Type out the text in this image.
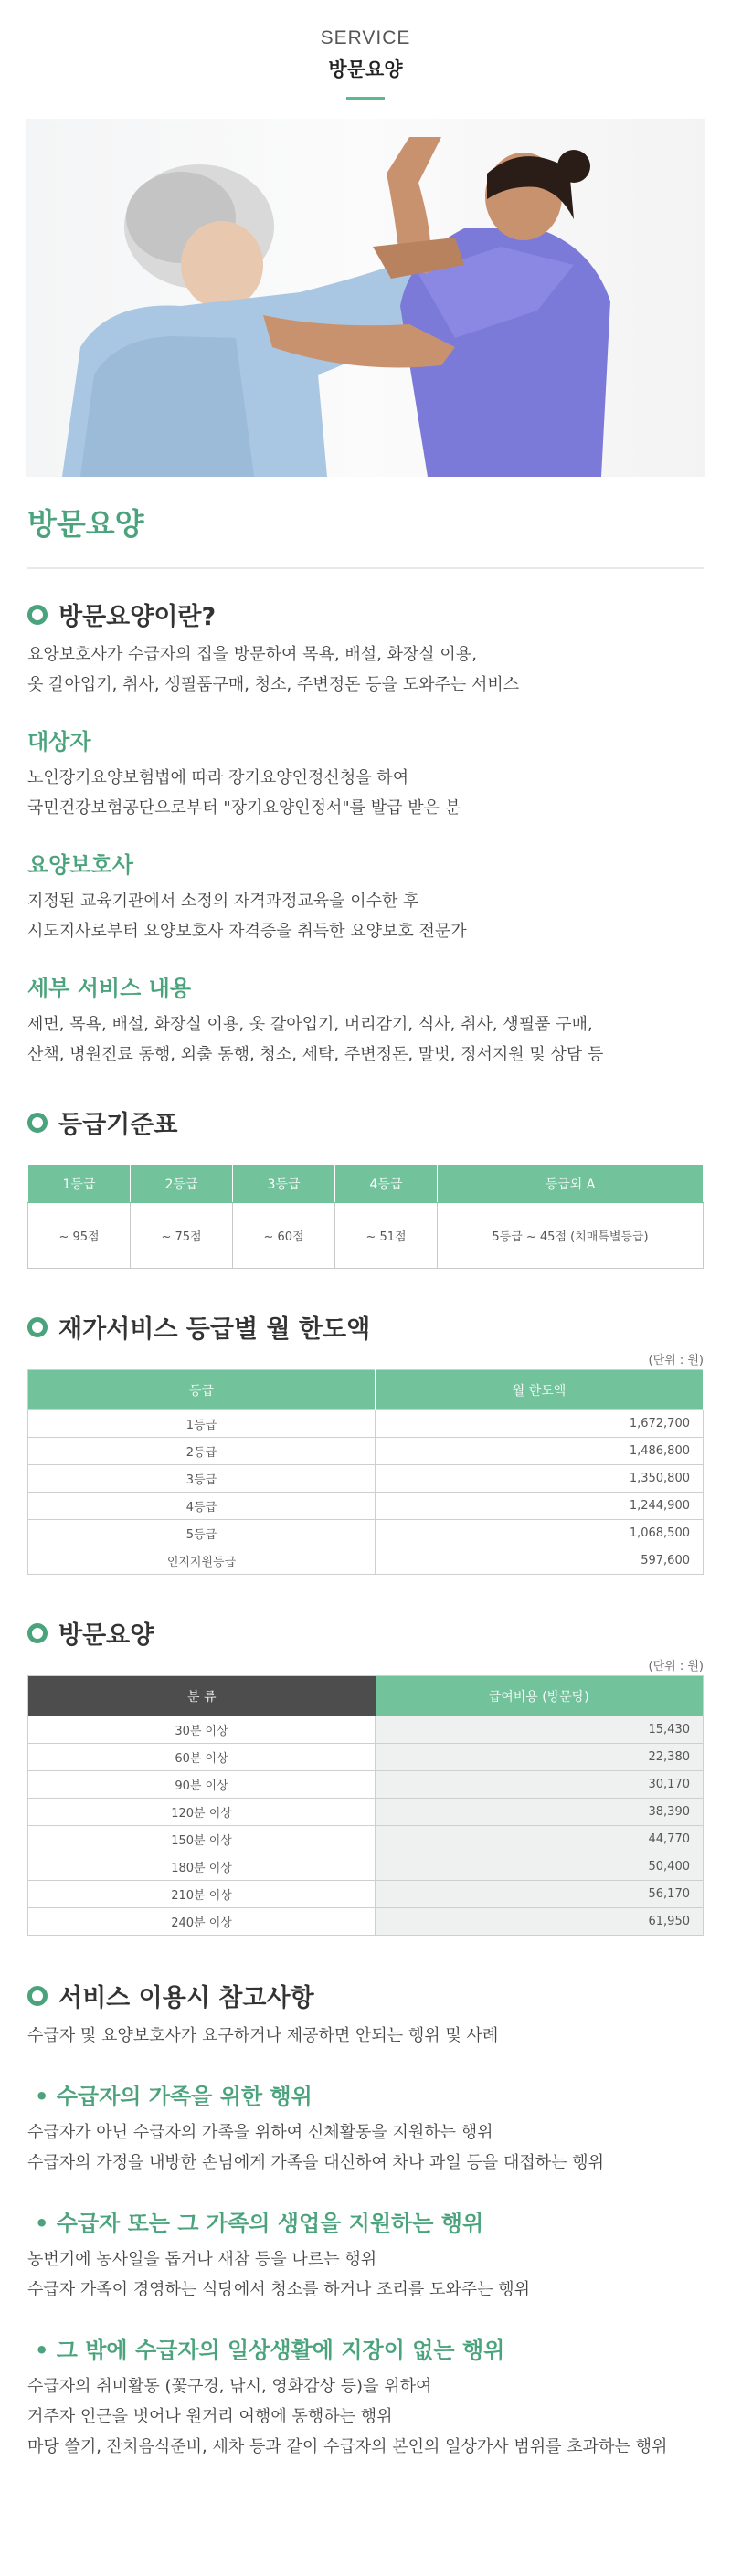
SERVICE
방문요양
방문요양
방문요양이란?
요양보호사가 수급자의 집을 방문하여 목욕, 배설, 화장실 이용,
옷 갈아입기, 취사, 생필품구매, 청소, 주변정돈 등을 도와주는 서비스
대상자
노인장기요양보험법에 따라 장기요양인정신청을 하여
국민건강보험공단으로부터 "장기요양인정서"를 발급 받은 분
요양보호사
지정된 교육기관에서 소정의 자격과정교육을 이수한 후
시도지사로부터 요양보호사 자격증을 취득한 요양보호 전문가
세부 서비스 내용
세면, 목욕, 배설, 화장실 이용, 옷 갈아입기, 머리감기, 식사, 취사, 생필품 구매,
산책, 병원진료 동행, 외출 동행, 청소, 세탁, 주변정돈, 말벗, 정서지원 및 상담 등
등급기준표
1등급	2등급	3등급	4등급	등급외 A
~ 95점	~ 75점	~ 60점	~ 51점	5등급 ~ 45점 (치매특별등급)
재가서비스 등급별 월 한도액
(단위 : 원)
등급	월 한도액
1등급	1,672,700
2등급	1,486,800
3등급	1,350,800
4등급	1,244,900
5등급	1,068,500
인지지원등급	597,600
방문요양
(단위 : 원)
분 류	급여비용 (방문당)
30분 이상	15,430
60분 이상	22,380
90분 이상	30,170
120분 이상	38,390
150분 이상	44,770
180분 이상	50,400
210분 이상	56,170
240분 이상	61,950
서비스 이용시 참고사항
수급자 및 요양보호사가 요구하거나 제공하면 안되는 행위 및 사례
• 수급자의 가족을 위한 행위
수급자가 아닌 수급자의 가족을 위하여 신체활동을 지원하는 행위
수급자의 가정을 내방한 손님에게 가족을 대신하여 차나 과일 등을 대접하는 행위
• 수급자 또는 그 가족의 생업을 지원하는 행위
농번기에 농사일을 돕거나 새참 등을 나르는 행위
수급자 가족이 경영하는 식당에서 청소를 하거나 조리를 도와주는 행위
• 그 밖에 수급자의 일상생활에 지장이 없는 행위
수급자의 취미활동 (꽃구경, 낚시, 영화감상 등)을 위하여
거주자 인근을 벗어나 원거리 여행에 동행하는 행위
마당 쓸기, 잔치음식준비, 세차 등과 같이 수급자의 본인의 일상가사 범위를 초과하는 행위
